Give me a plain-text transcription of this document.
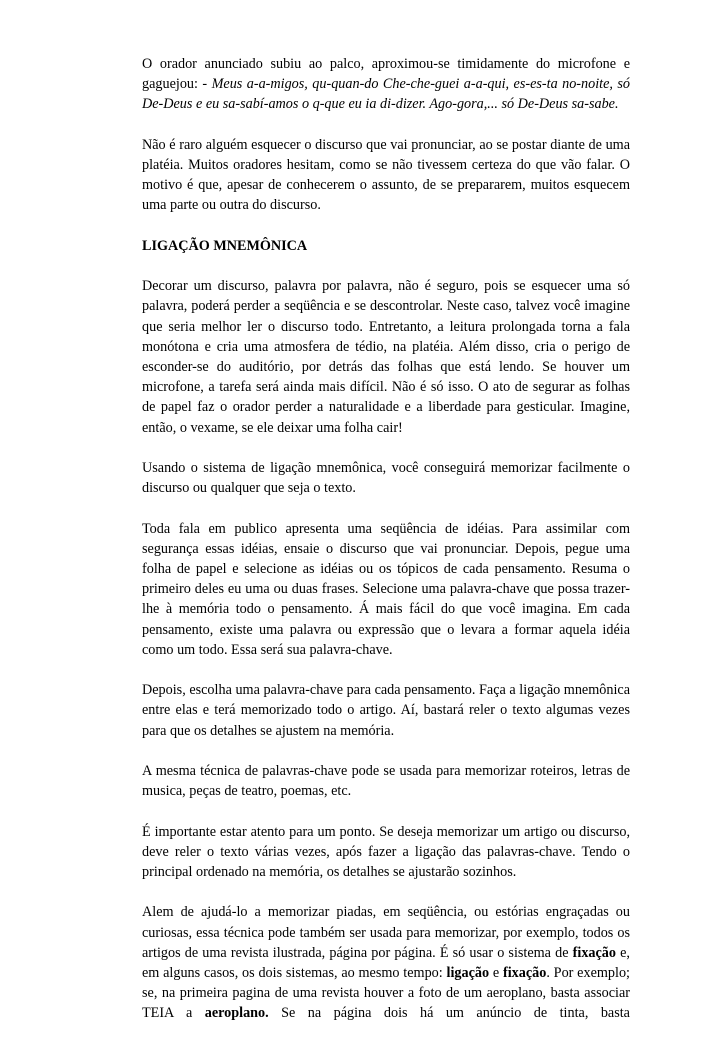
O orador anunciado subiu ao palco, aproximou-se timidamente do microfone e gaguejou: - Meus a-a-migos, qu-quan-do Che-che-guei a-a-qui, es-es-ta no-noite, só De-Deus e eu sa-sabí-amos o q-que eu ia di-dizer. Ago-gora,... só De-Deus sa-sabe.

Não é raro alguém esquecer o discurso que vai pronunciar, ao se postar diante de uma platéia. Muitos oradores hesitam, como se não tivessem certeza do que vão falar. O motivo é que, apesar de conhecerem o assunto, de se prepararem, muitos esquecem uma parte ou outra do discurso.

LIGAÇÃO MNEMÔNICA

Decorar um discurso, palavra por palavra, não é seguro, pois se esquecer uma só palavra, poderá perder a seqüência e se descontrolar. Neste caso, talvez você imagine que seria melhor ler o discurso todo. Entretanto, a leitura prolongada torna a fala monótona e cria uma atmosfera de tédio, na platéia. Além disso, cria o perigo de esconder-se do auditório, por detrás das folhas que está lendo. Se houver um microfone, a tarefa será ainda mais difícil. Não é só isso. O ato de segurar as folhas de papel faz o orador perder a naturalidade e a liberdade para gesticular. Imagine, então, o vexame, se ele deixar uma folha cair!

Usando o sistema de ligação mnemônica, você conseguirá memorizar facilmente o discurso ou qualquer que seja o texto.

Toda fala em publico apresenta uma seqüência de idéias. Para assimilar com segurança essas idéias, ensaie o discurso que vai pronunciar. Depois, pegue uma folha de papel e selecione as idéias ou os tópicos de cada pensamento. Resuma o primeiro deles eu uma ou duas frases. Selecione uma palavra-chave que possa trazer-lhe à memória todo o pensamento. Á mais fácil do que você imagina. Em cada pensamento, existe uma palavra ou expressão que o levara a formar aquela idéia como um todo. Essa será sua palavra-chave.

Depois, escolha uma palavra-chave para cada pensamento. Faça a ligação mnemônica entre elas e terá memorizado todo o artigo. Aí, bastará reler o texto algumas vezes para que os detalhes se ajustem na memória.

A mesma técnica de palavras-chave pode se usada para memorizar roteiros, letras de musica, peças de teatro, poemas, etc.

É importante estar atento para um ponto. Se deseja memorizar um artigo ou discurso, deve reler o texto várias vezes, após fazer a ligação das palavras-chave. Tendo o principal ordenado na memória, os detalhes se ajustarão sozinhos.

Alem de ajudá-lo a memorizar piadas, em seqüência, ou estórias engraçadas ou curiosas, essa técnica pode também ser usada para memorizar, por exemplo, todos os artigos de uma revista ilustrada, página por página. É só usar o sistema de fixação e, em alguns casos, os dois sistemas, ao mesmo tempo: ligação e fixação. Por exemplo; se, na primeira pagina de uma revista houver a foto de um aeroplano, basta associar TEIA a aeroplano. Se na página dois há um anúncio de tinta, basta
